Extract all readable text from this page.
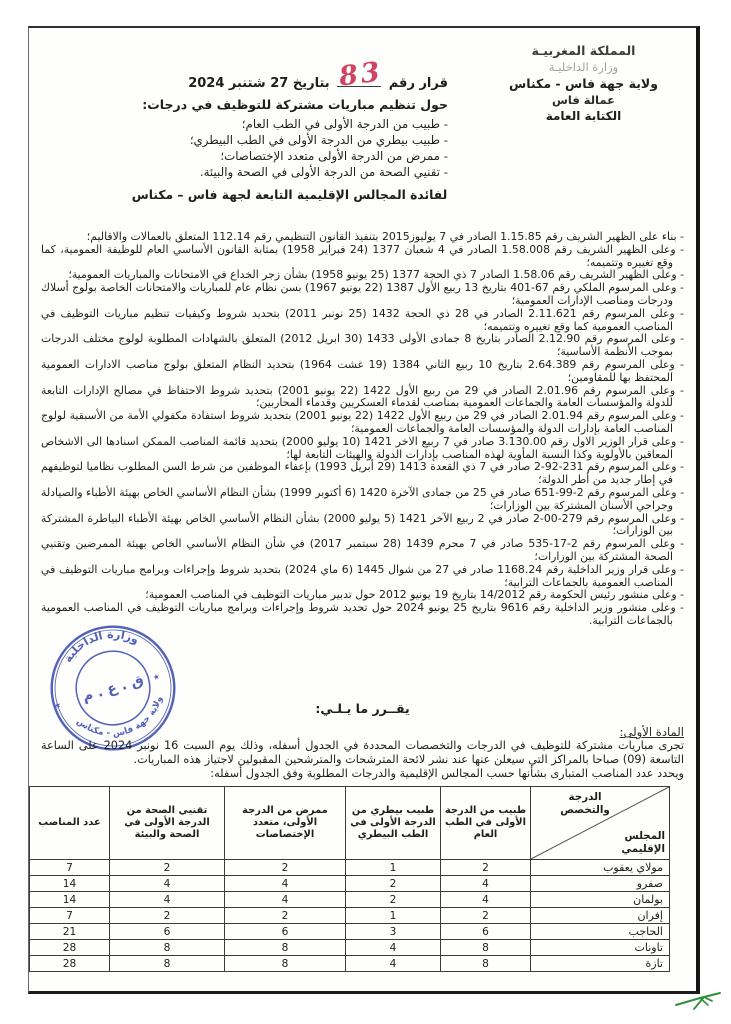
المملكة المغربيـة
وزارة الداخليـة
ولاية جهة فاس - مكناس
عمالة فاس
الكتابة العامة
قرار رقم
83
بتاريخ 27 شتنبر 2024
حول تنظيم مباريات مشتركة للتوظيف في درجات:
- طبيب من الدرجة الأولى في الطب العام؛
- طبيب بيطري من الدرجة الأولى في الطب البيطري؛
- ممرض من الدرجة الأولى متعدد الإختصاصات؛
- تقنيي الصحة من الدرجة الأولى في الصحة والبيئة.
لفائدة المجالس الإقليمية التابعة لجهة فاس – مكناس
- بناء على الظهير الشريف رقم 1.15.85 الصادر في 7 يوليوز2015 بتنفيذ القانون التنظيمي رقم 112.14 المتعلق بالعمالات والاقاليم؛
- وعلى الظهير الشريف رقم 1.58.008 الصادر في 4 شعبان 1377 (24 فبراير 1958) بمثابة القانون الأساسي العام للوظيفة العمومية، كما وقع تغييره وتتميمه؛
- وعلى الظهير الشريف رقم 1.58.06 الصادر 7 ذي الحجة 1377 (25 يونيو 1958) بشأن زجر الخداع في الامتحانات والمباريات العمومية؛
- وعلى المرسوم الملكي رقم 67-401 بتاريخ 13 ربيع الأول 1387 (22 يونيو 1967) بسن نظام عام للمباريات والامتحانات الخاصة بولوج أسلاك ودرجات ومناصب الإدارات العمومية؛
- وعلى المرسوم رقم 2.11.621 الصادر في 28 ذي الحجة 1432 (25 نونبر 2011) بتحديد شروط وكيفيات تنظيم مباريات التوظيف في المناصب العمومية كما وقع تغييره وتتميمه؛
- وعلى المرسوم رقم 2.12.90 الصادر بتاريخ 8 جمادى الأولى 1433 (30 ابريل 2012) المتعلق بالشهادات المطلوبة لولوج مختلف الدرجات بموجب الأنظمة الأساسية؛
- وعلى المرسوم رقم 2.64.389 بتاريخ 10 ربيع الثاني 1384 (19 غشت 1964) بتحديد النظام المتعلق بولوج مناصب الادارات العمومية المحتفظ بها للمقاومين؛
- وعلى المرسوم رقم 2.01.96 الصادر في 29 من ربيع الأول 1422 (22 يونيو 2001) بتحديد شروط الاحتفاظ في مصالح الإدارات التابعة للدولة والمؤسسات العامة والجماعات العمومية بمناصب لقدماء العسكريين وقدماء المحاربين؛
- وعلى المرسوم رقم 2.01.94 الصادر في 29 من ربيع الأول 1422 (22 يونيو 2001) بتحديد شروط استفادة مكفولي الأمة من الأسبقية لولوج المناصب العامة بإدارات الدولة والمؤسسات العامة والجماعات العمومية؛
- وعلى قرار الوزير الاول رقم 3.130.00 صادر في 7 ربيع الاخر 1421 (10 يوليو 2000) بتحديد قائمة المناصب الممكن اسنادها الى الاشخاص المعاقين بالأولوية وكذا النسبة المأوية لهذه المناصب بإدارات الدولة والهيئات التابعة لها؛
- وعلى المرسوم رقم 231-92-2 صادر في 7 ذي القعدة 1413 (29 أبريل 1993) بإعفاء الموظفين من شرط السن المطلوب نظاميا لتوظيفهم في إطار جديد من أطر الدولة؛
- وعلى المرسوم رقم 2-99-651 صادر في 25 من جمادى الآخرة 1420 (6 أكتوبر 1999) بشأن النظام الأساسي الخاص بهيئة الأطباء والصيادلة وجراحي الأسنان المشتركة بين الوزارات؛
- وعلى المرسوم رقم 279-00-2 صادر في 2 ربيع الآخر 1421 (5 يوليو 2000) بشأن النظام الأساسي الخاص بهيئة الأطباء البياطرة المشتركة بين الوزارات؛
- وعلى المرسوم رقم 2-17-535 صادر في 7 محرم 1439 (28 سبتمبر 2017) في شأن النظام الأساسي الخاص بهيئة الممرضين وتقنيي الصحة المشتركة بين الوزارات؛
- وعلى قرار وزير الداخلية رقم 1168.24 صادر في 27 من شوال 1445 (6 ماي 2024) بتحديد شروط وإجراءات وبرامج مباريات التوظيف في المناصب العمومية بالجماعات الترابية؛
- وعلى منشور رئيس الحكومة رقم 14/2012 بتاريخ 19 يونيو 2012 حول تدبير مباريات التوظيف في المناصب العمومية؛
- وعلى منشور وزير الداخلية رقم 9616 بتاريخ 25 يونيو 2024 حول تحديد شروط وإجراءات وبرامج مباريات التوظيف في المناصب العمومية بالجماعات الترابية.
وزارة الداخلية
ولاية جهة فاس - مكناس
ق . ع . م
★
★
يقــرر ما يـلـي:
المادة الأولى:

تجرى مباريات مشتركة للتوظيف في الدرجات والتخصصات المحددة في الجدول أسفله، وذلك يوم السبت 16 نونبر 2024 على الساعة التاسعة (09) صباحا بالمراكز التي سيعلن عنها عند نشر لائحة المترشحات والمترشحين المقبولين لاجتياز هذه المباريات.

ويحدد عدد المناصب المتبارى بشأنها حسب المجالس الإقليمية والدرجات المطلوبة وفق الجدول أسفله:

الدرجة والتخصص
المجلس الإقليمي	طبيب من الدرجة الأولى في الطب العام	طبيب بيطري من الدرجة الأولى في الطب البيطري	ممرض من الدرجة الأولى، متعدد الإختصاصات	تقنيي الصحة من الدرجة الأولى في الصحة والبيئة	عدد المناصب
مولاي يعقوب	2	1	2	2	7
صفرو	4	2	4	4	14
بولمان	4	2	4	4	14
إفران	2	1	2	2	7
الحاجب	6	3	6	6	21
تاونات	8	4	8	8	28
تازة	8	4	8	8	28
